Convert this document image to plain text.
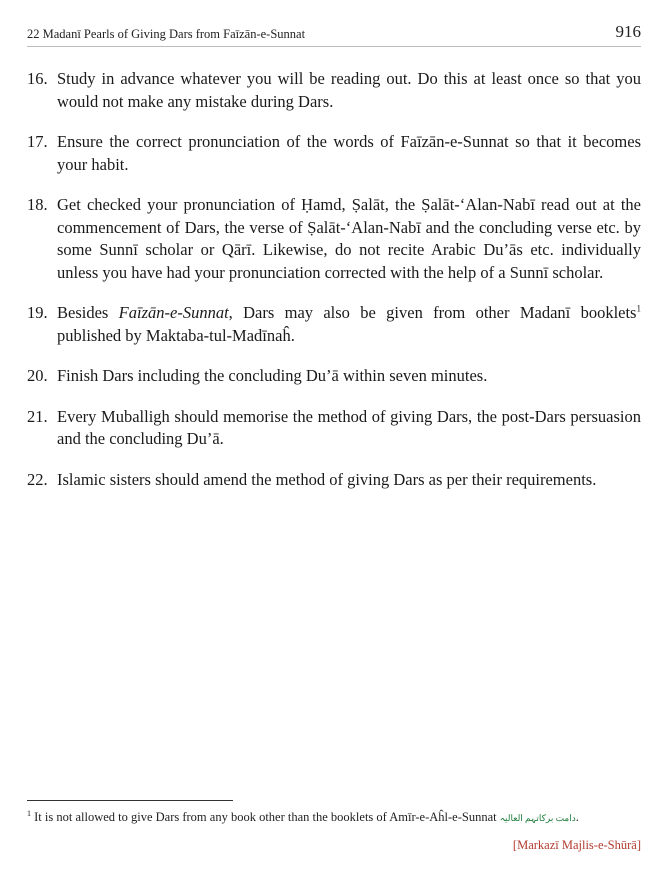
22 Madanī Pearls of Giving Dars from Faīzān-e-Sunnat	916
16. Study in advance whatever you will be reading out. Do this at least once so that you would not make any mistake during Dars.
17. Ensure the correct pronunciation of the words of Faīzān-e-Sunnat so that it becomes your habit.
18. Get checked your pronunciation of Ḥamd, Ṣalāt, the Ṣalāt-‘Alan-Nabī read out at the commencement of Dars, the verse of Ṣalāt-‘Alan-Nabī and the concluding verse etc. by some Sunnī scholar or Qārī. Likewise, do not recite Arabic Du’ās etc. individually unless you have had your pronunciation corrected with the help of a Sunnī scholar.
19. Besides Faīzān-e-Sunnat, Dars may also be given from other Madanī booklets$^1$ published by Maktaba-tul-Madīnaĥ.
20. Finish Dars including the concluding Du’ā within seven minutes.
21. Every Muballigh should memorise the method of giving Dars, the post-Dars persuasion and the concluding Du’ā.
22. Islamic sisters should amend the method of giving Dars as per their requirements.
$^1$ It is not allowed to give Dars from any book other than the booklets of Amīr-e-Aĥl-e-Sunnat دامت برکاتہم العالیہ.
[Markazī Majlis-e-Shūrā]
